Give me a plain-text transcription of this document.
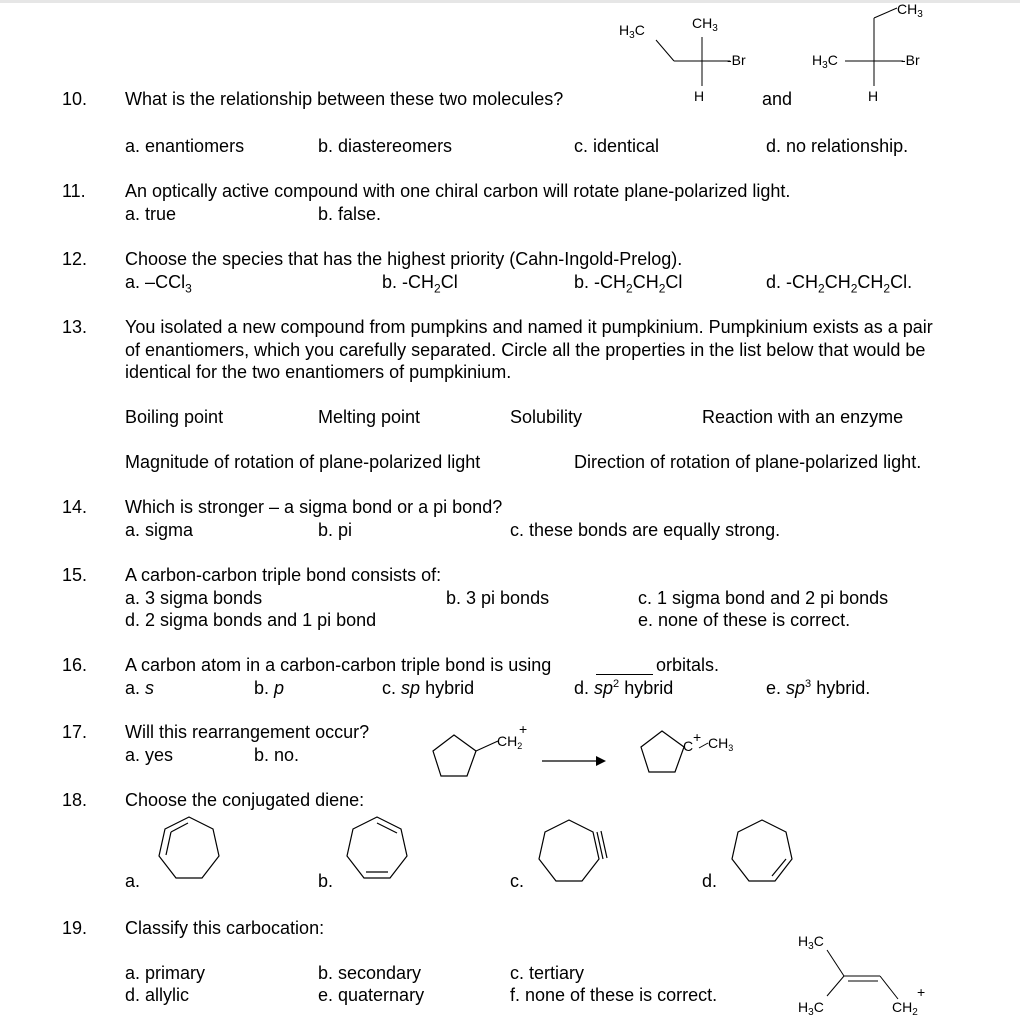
10. What is the relationship between these two molecules?	and
$H_3C$	$CH_3$
-Br
H
$CH_3$
$H_3C$	-Br
H
a. enantiomers	b. diastereomers	c. identical	d. no relationship.
11. An optically active compound with one chiral carbon will rotate plane-polarized light.
a. true	b. false.
12. Choose the species that has the highest priority (Cahn-Ingold-Prelog).
a. –CCl$_3$	b. $-CH_2Cl$	b. $-CH_2CH_2Cl$	d. $-CH_2CH_2CH_2Cl$.
13. You isolated a new compound from pumpkins and named it pumpkinium. Pumpkinium exists as a pair
of enantiomers, which you carefully separated. Circle all the properties in the list below that would be
identical for the two enantiomers of pumpkinium.
Boiling point	Melting point	Solubility	Reaction with an enzyme
Magnitude of rotation of plane-polarized light	Direction of rotation of plane-polarized light.
14. Which is stronger – a sigma bond or a pi bond?
a. sigma	b. pi	c. these bonds are equally strong.
15. A carbon-carbon triple bond consists of:
a. 3 sigma bonds	b. 3 pi bonds	c. 1 sigma bond and 2 pi bonds
d. 2 sigma bonds and 1 pi bond	e. none of these is correct.
16. A carbon atom in a carbon-carbon triple bond is using	orbitals.
a. s	b. p	c. sp hybrid	d. $sp^2$ hybrid	e. $sp^3$ hybrid.
17. Will this rearrangement occur?
a. yes	b. no.
$CH_2$
+
C
+ $CH_3$
18. Choose the conjugated diene:
a.	b.	c.	d.
19. Classify this carbocation:
a. primary	b. secondary	c. tertiary
d. allylic	e. quaternary	f. none of these is correct.
$H_3C$
$H_3C$	$CH_2$
+
